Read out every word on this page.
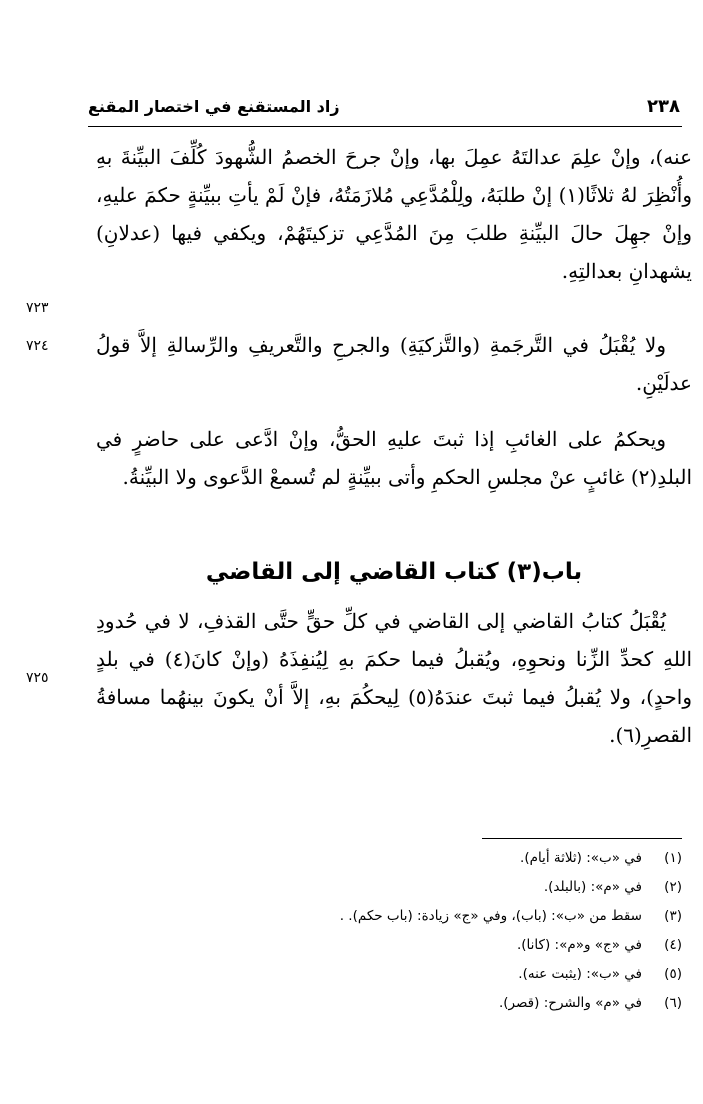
زاد المستقنع في اختصار المقنع	٢٣٨

عنه)، وإنْ علِمَ عدالتَهُ عمِلَ بها، وإنْ جرحَ الخصمُ الشُّهودَ كُلِّفَ البيِّنةَ بهِ وأُنْظِرَ لهُ ثلاثًا(١) إنْ طلبَهُ، ولِلْمُدَّعِي مُلازَمَتُهُ، فإنْ لَمْ يأتِ ببيِّنةٍ حكمَ عليهِ، وإنْ جهِلَ حالَ البيِّنةِ طلبَ مِنَ المُدَّعِي تزكيتَهُمْ، ويكفي فيها (عدلانِ) يشهدانِ بعدالتِهِ.

ولا يُقْبَلُ في التَّرجَمةِ (والتَّزكيَةِ) والجرحِ والتَّعريفِ والرِّسالةِ إلاَّ قولُ عدلَيْنِ.

ويحكمُ على الغائبِ إذا ثبتَ عليهِ الحقُّ، وإنْ ادَّعى على حاضرٍ في البلدِ(٢) غائبٍ عنْ مجلسِ الحكمِ وأتى ببيِّنةٍ لم تُسمعْ الدَّعوى ولا البيِّنةُ.

باب(٣) كتاب القاضي إلى القاضي

يُقْبَلُ كتابُ القاضي إلى القاضي في كلِّ حقٍّ حتَّى القذفِ، لا في حُدودِ اللهِ كحدِّ الزِّنا ونحوِهِ، ويُقبلُ فيما حكمَ بهِ لِيُنفِذَهُ (وإنْ كانَ(٤) في بلدٍ واحدٍ)، ولا يُقبلُ فيما ثبتَ عندَهُ(٥) لِيحكُمَ بهِ، إلاَّ أنْ يكونَ بينهُما مسافةُ القصرِ(٦).

٧٢٣
٧٢٤
٧٢٥
(١)في «ب»: (ثلاثة أيام).
(٢)في «م»: (بالبلد).
(٣)سقط من «ب»: (باب)، وفي «ج» زيادة: (باب حكم). .
(٤)في «ج» و«م»: (كانا).
(٥)في «ب»: (يثبت عنه).
(٦)في «م» والشرح: (قصر).
